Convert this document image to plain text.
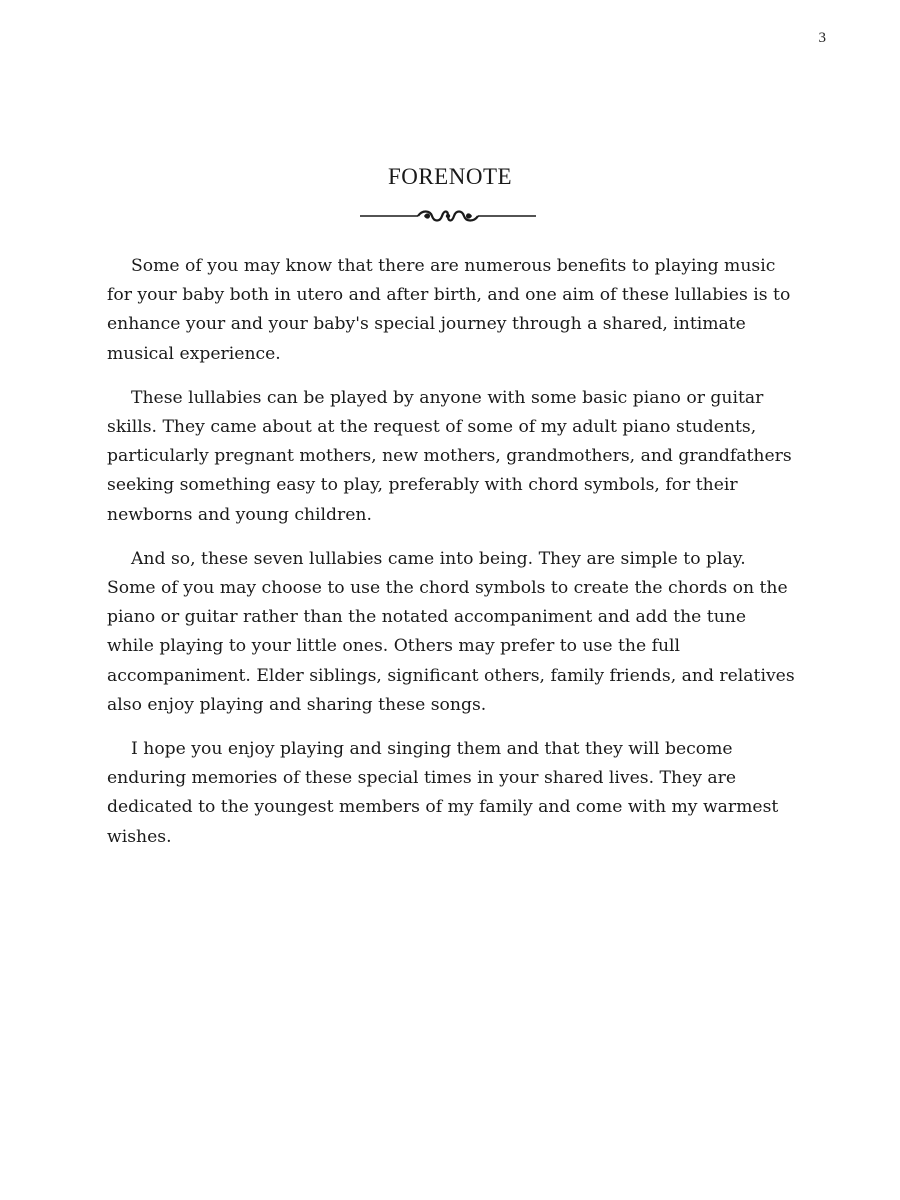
3
FORENOTE

Some of you may know that there are numerous benefits to playing music for your baby both in utero and after birth, and one aim of these lullabies is to enhance your and your baby's special journey through a shared, intimate musical experience.

These lullabies can be played by anyone with some basic piano or guitar skills. They came about at the request of some of my adult piano students, particularly pregnant mothers, new mothers, grandmothers, and grandfathers seeking something easy to play, preferably with chord symbols, for their newborns and young children.

And so, these seven lullabies came into being. They are simple to play. Some of you may choose to use the chord symbols to create the chords on the piano or guitar rather than the notated accompaniment and add the tune while playing to your little ones. Others may prefer to use the full accompaniment. Elder siblings, significant others, family friends, and relatives also enjoy playing and sharing these songs.

I hope you enjoy playing and singing them and that they will become enduring memories of these special times in your shared lives. They are dedicated to the youngest members of my family and come with my warmest wishes.
